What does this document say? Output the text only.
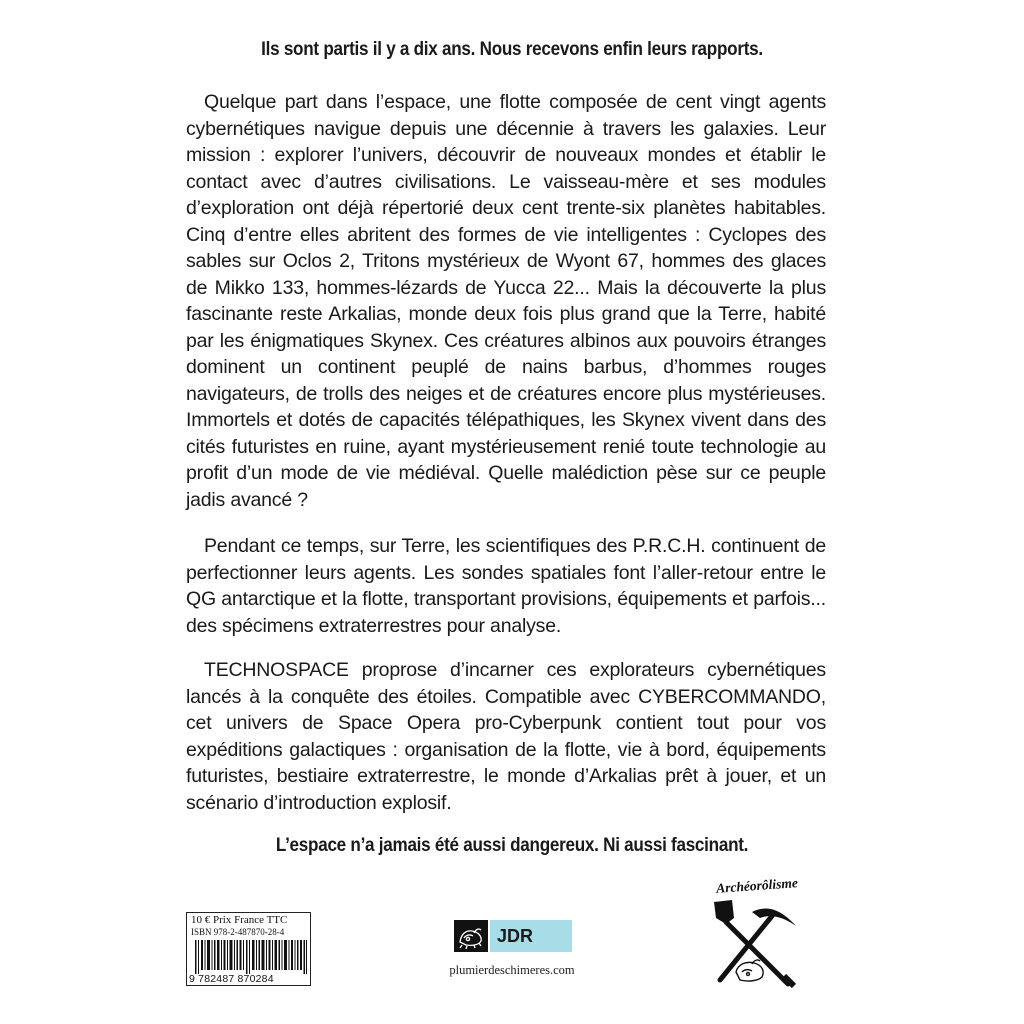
Ils sont partis il y a dix ans. Nous recevons enfin leurs rapports.

Quelque part dans l’espace, une flotte composée de cent vingt agents cybernétiques navigue depuis une décennie à travers les galaxies. Leur mission : explorer l’univers, découvrir de nouveaux mondes et établir le contact avec d’autres civilisations. Le vaisseau-mère et ses modules d’exploration ont déjà répertorié deux cent trente-six planètes habitables. Cinq d’entre elles abritent des formes de vie intelligentes : Cyclopes des sables sur Oclos 2, Tritons mystérieux de Wyont 67, hommes des glaces de Mikko 133, hommes-lézards de Yucca 22... Mais la découverte la plus fascinante reste Arkalias, monde deux fois plus grand que la Terre, habité par les énigmatiques Skynex. Ces créatures albinos aux pouvoirs étranges dominent un continent peuplé de nains barbus, d’hommes rouges navigateurs, de trolls des neiges et de créatures encore plus mystérieuses. Immortels et dotés de capacités télépathiques, les Skynex vivent dans des cités futuristes en ruine, ayant mystérieusement renié toute technologie au profit d’un mode de vie médiéval. Quelle malédiction pèse sur ce peuple jadis avancé ?

Pendant ce temps, sur Terre, les scientifiques des P.R.C.H. continuent de perfectionner leurs agents. Les sondes spatiales font l’aller-retour entre le QG antarctique et la flotte, transportant provisions, équipements et parfois... des spécimens extraterrestres pour analyse.

TECHNOSPACE proprose d’incarner ces explorateurs cybernétiques lancés à la conquête des étoiles. Compatible avec CYBERCOMMANDO, cet univers de Space Opera pro-Cyberpunk contient tout pour vos expéditions galactiques : organisation de la flotte, vie à bord, équipements futuristes, bestiaire extraterrestre, le monde d’Arkalias prêt à jouer, et un scénario d’introduction explosif.

L’espace n’a jamais été aussi dangereux. Ni aussi fascinant.
10 € Prix France TTC
ISBN 978-2-487870-28-4
9 782487 870284
JDR
plumierdeschimeres.com
Archéorôlisme
